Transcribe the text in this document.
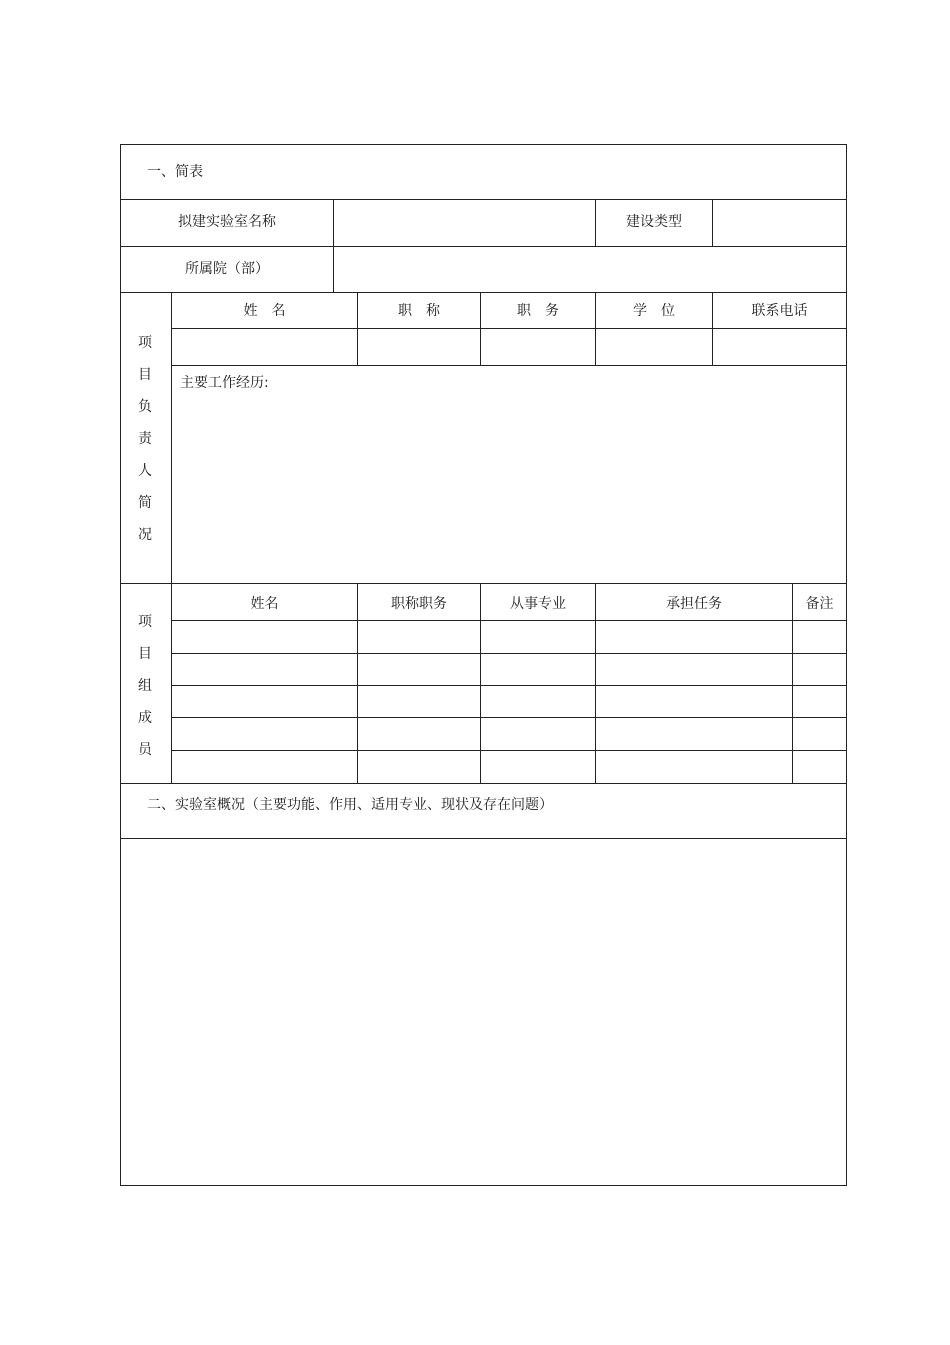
一、简表
拟建实验室名称	建设类型
所属院（部）
项
目
负
责
人
简
况
姓　名	职　称	职　务	学　位	联系电话
主要工作经历:
项
目
组
成
员
姓名	职称职务	从事专业	承担任务	备注
二、实验室概况（主要功能、作用、适用专业、现状及存在问题）
